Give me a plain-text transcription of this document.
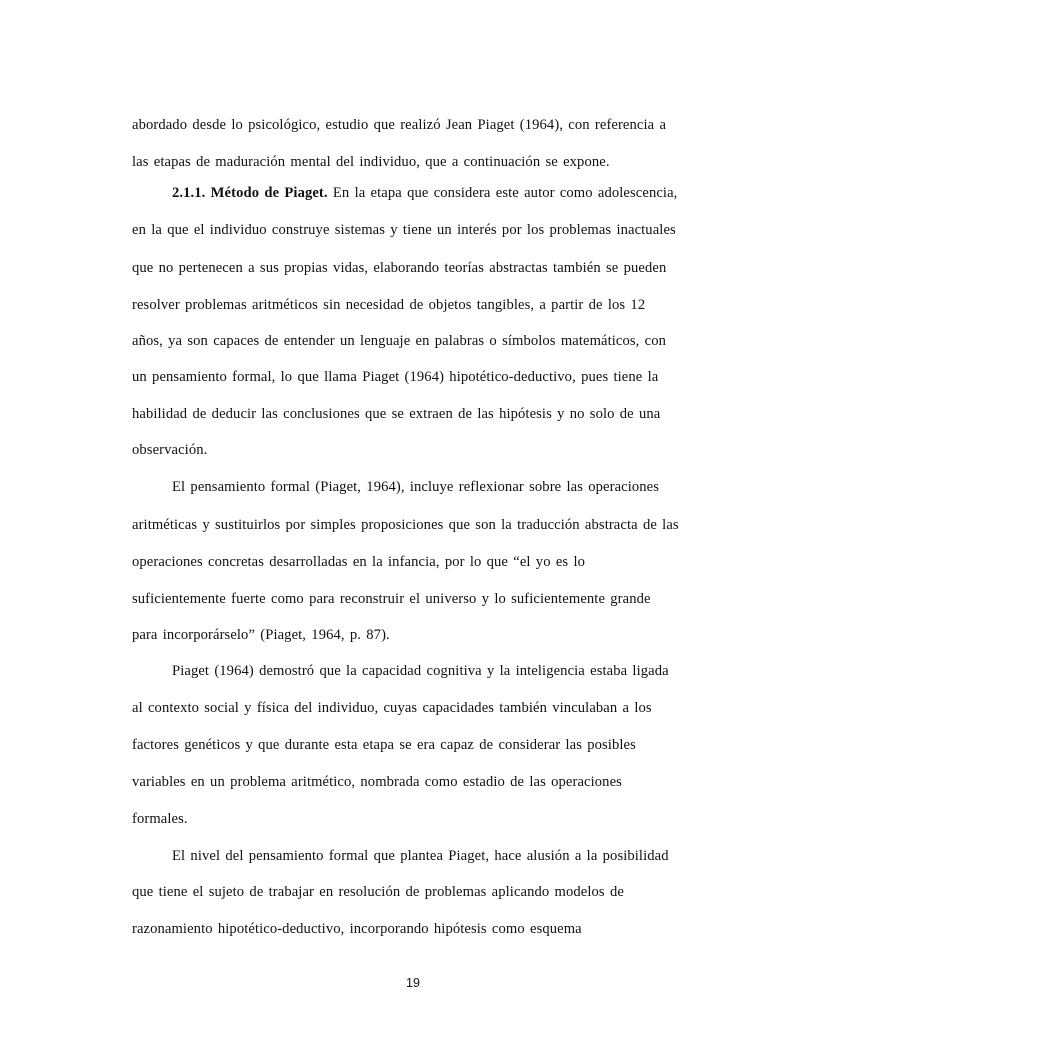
abordado desde lo psicológico, estudio que realizó Jean Piaget (1964), con referencia a
las etapas de maduración mental del individuo, que a continuación se expone.
2.1.1. Método de Piaget. En la etapa que considera este autor como adolescencia,
en la que el individuo construye sistemas y tiene un interés por los problemas inactuales
que no pertenecen a sus propias vidas, elaborando teorías abstractas también se pueden
resolver problemas aritméticos sin necesidad de objetos tangibles, a partir de los 12
años, ya son capaces de entender un lenguaje en palabras o símbolos matemáticos, con
un pensamiento formal, lo que llama Piaget (1964) hipotético-deductivo, pues tiene la
habilidad de deducir las conclusiones que se extraen de las hipótesis y no solo de una
observación.
El pensamiento formal (Piaget, 1964), incluye reflexionar sobre las operaciones
aritméticas y sustituirlos por simples proposiciones que son la traducción abstracta de las
operaciones concretas desarrolladas en la infancia, por lo que “el yo es lo
suficientemente fuerte como para reconstruir el universo y lo suficientemente grande
para incorporárselo” (Piaget, 1964, p. 87).
Piaget (1964) demostró que la capacidad cognitiva y la inteligencia estaba ligada
al contexto social y física del individuo, cuyas capacidades también vinculaban a los
factores genéticos y que durante esta etapa se era capaz de considerar las posibles
variables en un problema aritmético, nombrada como estadio de las operaciones
formales.
El nivel del pensamiento formal que plantea Piaget, hace alusión a la posibilidad
que tiene el sujeto de trabajar en resolución de problemas aplicando modelos de
razonamiento hipotético-deductivo, incorporando hipótesis como esquema
19
